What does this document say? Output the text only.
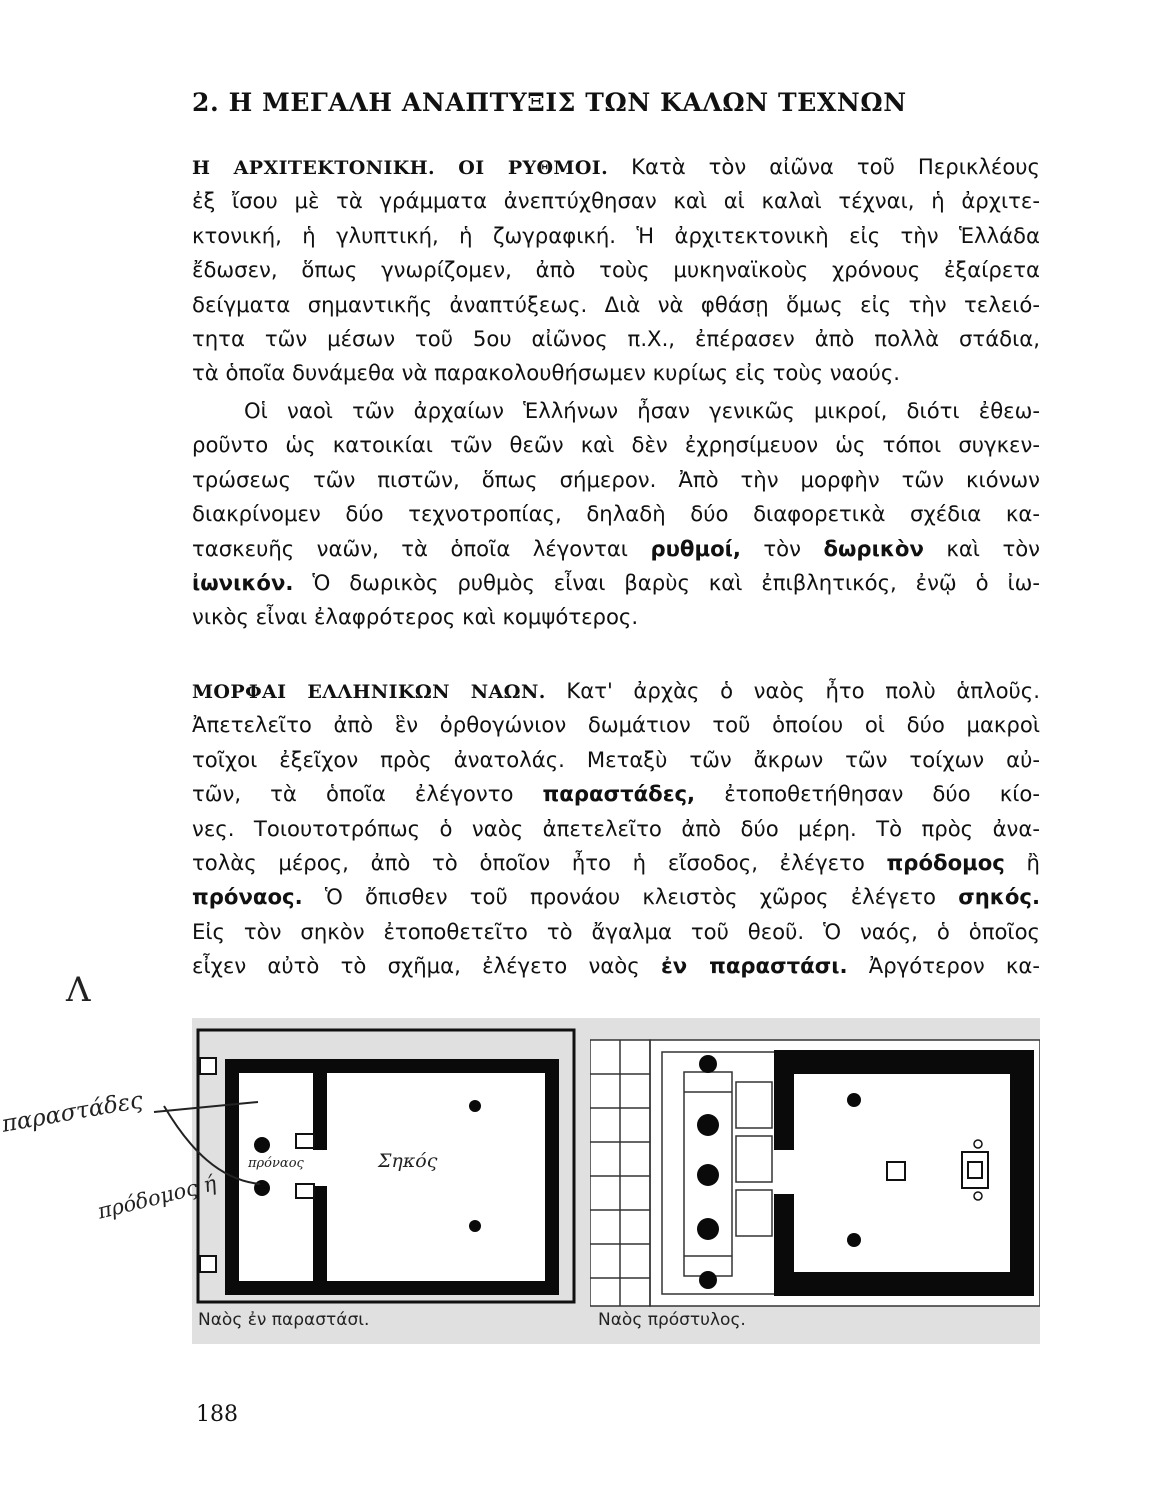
2. Η ΜΕΓΑΛΗ ΑΝΑΠΤΥΞΙΣ ΤΩΝ ΚΑΛΩΝ ΤΕΧΝΩΝ
Η ΑΡΧΙΤΕΚΤΟΝΙΚΗ. ΟΙ ΡΥΘΜΟΙ. Κατὰ τὸν αἰῶνα τοῦ Περικλέους
ἐξ ἴσου μὲ τὰ γράμματα ἀνεπτύχθησαν καὶ αἱ καλαὶ τέχναι, ἡ ἀρχιτε-
κτονική, ἡ γλυπτική, ἡ ζωγραφική. Ἡ ἀρχιτεκτονικὴ εἰς τὴν Ἑλλάδα
ἔδωσεν, ὅπως γνωρίζομεν, ἀπὸ τοὺς μυκηναϊκοὺς χρόνους ἐξαίρετα
δείγματα σημαντικῆς ἀναπτύξεως. Διὰ νὰ φθάσῃ ὅμως εἰς τὴν τελειό-
τητα τῶν μέσων τοῦ 5ου αἰῶνος π.Χ., ἐπέρασεν ἀπὸ πολλὰ στάδια,
τὰ ὁποῖα δυνάμεθα νὰ παρακολουθήσωμεν κυρίως εἰς τοὺς ναούς.
Οἱ ναοὶ τῶν ἀρχαίων Ἑλλήνων ἦσαν γενικῶς μικροί, διότι ἐθεω-
ροῦντο ὡς κατοικίαι τῶν θεῶν καὶ δὲν ἐχρησίμευον ὡς τόποι συγκεν-
τρώσεως τῶν πιστῶν, ὅπως σήμερον. Ἀπὸ τὴν μορφὴν τῶν κιόνων
διακρίνομεν δύο τεχνοτροπίας, δηλαδὴ δύο διαφορετικὰ σχέδια κα-
τασκευῆς ναῶν, τὰ ὁποῖα λέγονται ρυθμοί, τὸν δωρικὸν καὶ τὸν
ἰωνικόν. Ὁ δωρικὸς ρυθμὸς εἶναι βαρὺς καὶ ἐπιβλητικός, ἐνῷ ὁ ἰω-
νικὸς εἶναι ἐλαφρότερος καὶ κομψότερος.
ΜΟΡΦΑΙ ΕΛΛΗΝΙΚΩΝ ΝΑΩΝ. Κατ' ἀρχὰς ὁ ναὸς ἦτο πολὺ ἁπλοῦς.
Ἀπετελεῖτο ἀπὸ ἓν ὀρθογώνιον δωμάτιον τοῦ ὁποίου οἱ δύο μακροὶ
τοῖχοι ἐξεῖχον πρὸς ἀνατολάς. Μεταξὺ τῶν ἄκρων τῶν τοίχων αὐ-
τῶν, τὰ ὁποῖα ἐλέγοντο παραστάδες, ἐτοποθετήθησαν δύο κίο-
νες. Τοιουτοτρόπως ὁ ναὸς ἀπετελεῖτο ἀπὸ δύο μέρη. Τὸ πρὸς ἀνα-
τολὰς μέρος, ἀπὸ τὸ ὁποῖον ἦτο ἡ εἴσοδος, ἐλέγετο πρόδομος ἢ
πρόναος. Ὁ ὄπισθεν τοῦ προνάου κλειστὸς χῶρος ἐλέγετο σηκός.
Εἰς τὸν σηκὸν ἐτοποθετεῖτο τὸ ἄγαλμα τοῦ θεοῦ. Ὁ ναός, ὁ ὁποῖος
εἶχεν αὐτὸ τὸ σχῆμα, ἐλέγετο ναὸς ἐν παραστάσι. Ἀργότερον κα-
πρόναος	Σηκός
Ναὸς ἐν παραστάσι.	Ναὸς πρόστυλος.
Λ
παραστάδες
πρόδομος ή
188
